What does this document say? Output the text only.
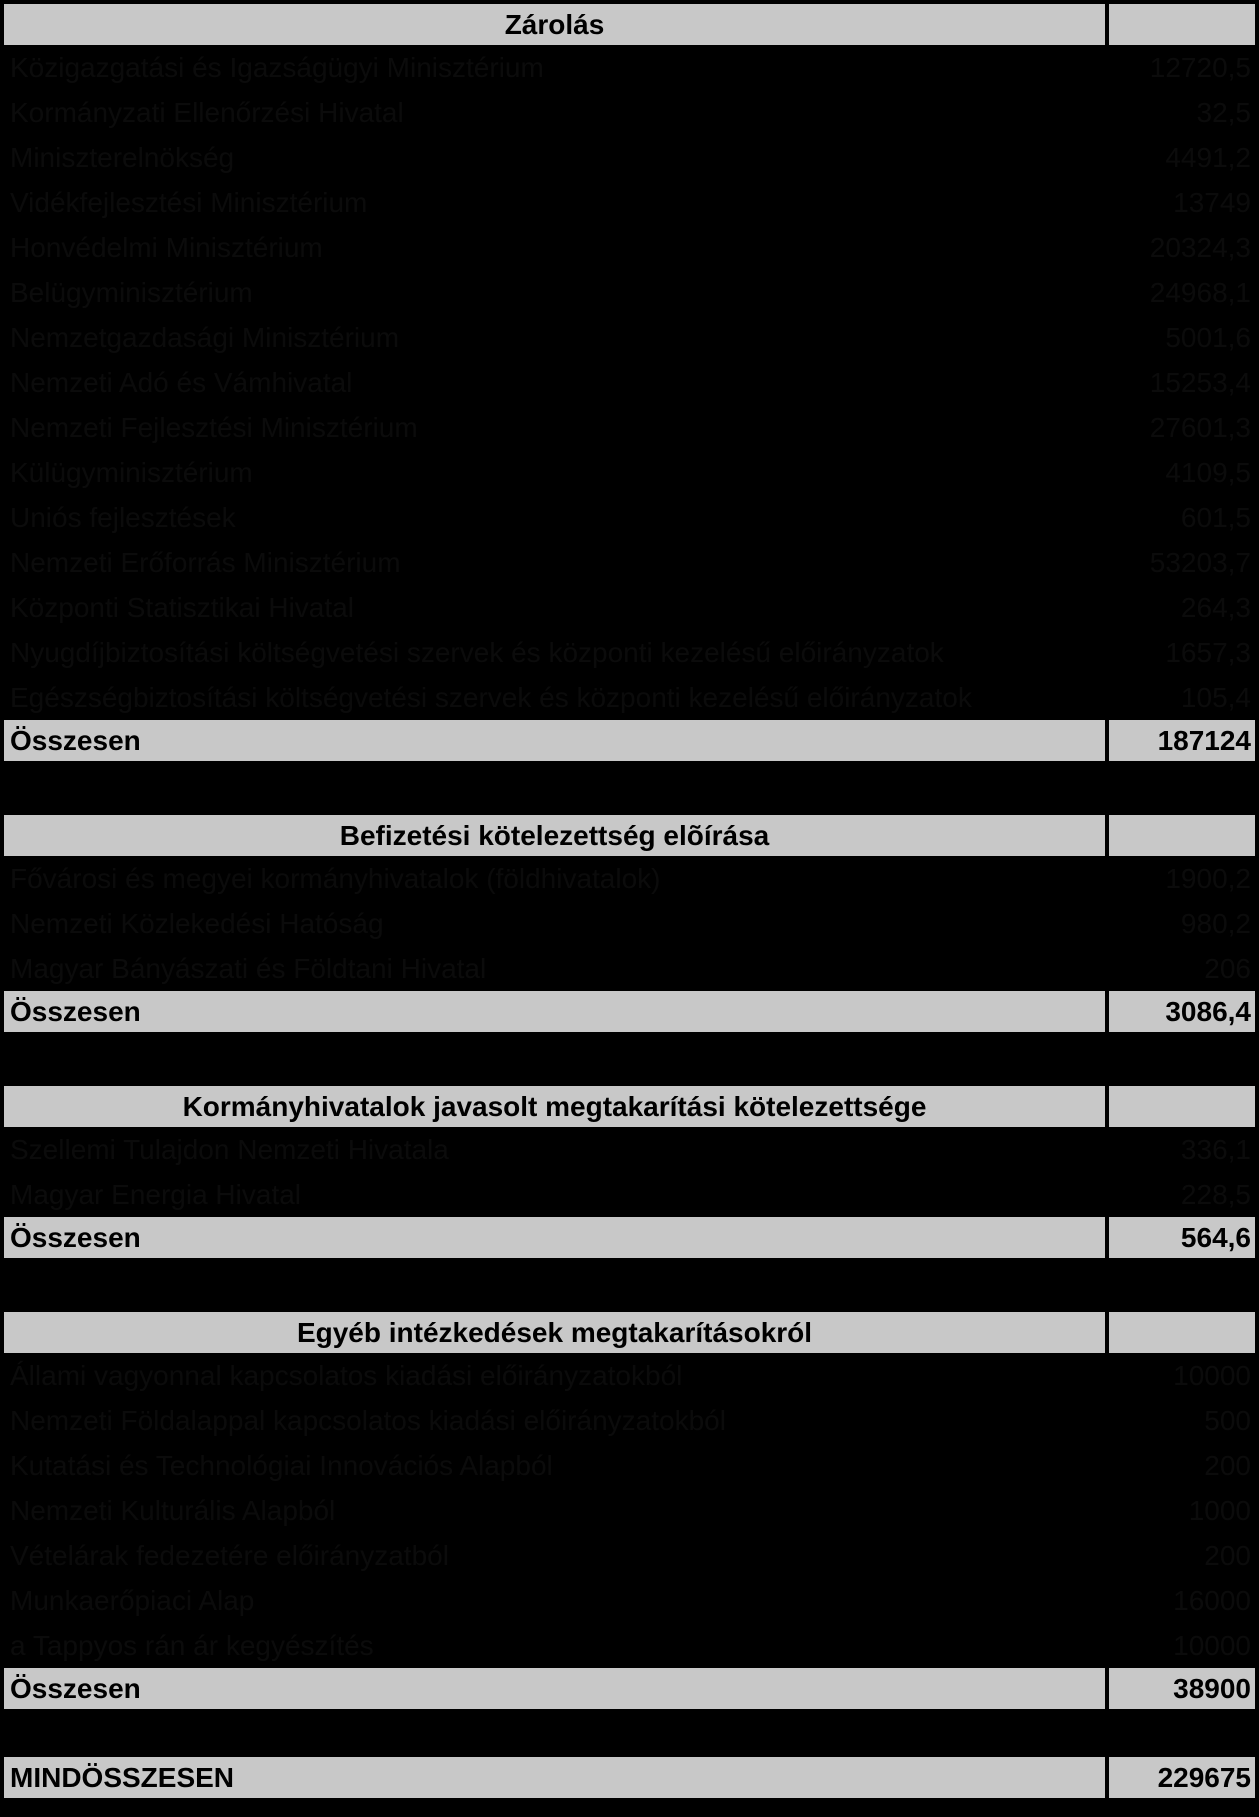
Zárolás
Közigazgatási és Igazságügyi Minisztérium	12720,5
Kormányzati Ellenőrzési Hivatal	32,5
Miniszterelnökség	4491,2
Vidékfejlesztési Minisztérium	13749
Honvédelmi Minisztérium	20324,3
Belügyminisztérium	24968,1
Nemzetgazdasági Minisztérium	5001,6
Nemzeti Adó és Vámhivatal	15253,4
Nemzeti Fejlesztési Minisztérium	27601,3
Külügyminisztérium	4109,5
Uniós fejlesztések	601,5
Nemzeti Erőforrás Minisztérium	53203,7
Központi Statisztikai Hivatal	264,3
Nyugdíjbiztosítási költségvetési szervek és központi kezelésű előirányzatok	1657,3
Egészségbiztosítási költségvetési szervek és központi kezelésű előirányzatok	105,4
Összesen	187124
Befizetési kötelezettség elõírása
Fővárosi és megyei kormányhivatalok (földhivatalok)	1900,2
Nemzeti Közlekedési Hatóság	980,2
Magyar Bányászati és Földtani Hivatal	206
Összesen	3086,4
Kormányhivatalok javasolt megtakarítási kötelezettsége
Szellemi Tulajdon Nemzeti Hivatala	336,1
Magyar Energia Hivatal	228,5
Összesen	564,6
Egyéb intézkedések megtakarításokról
Állami vagyonnal kapcsolatos kiadási előirányzatokból	10000
Nemzeti Földalappal kapcsolatos kiadási előirányzatokból	500
Kutatási és Technológiai Innovációs Alapból	200
Nemzeti Kulturális Alapból	1000
Vételárak fedezetére előirányzatból	200
Munkaerőpiaci Alap	16000
a Tappyos rán ár kegyészítés	10000
Összesen	38900
MINDÖSSZESEN	229675
